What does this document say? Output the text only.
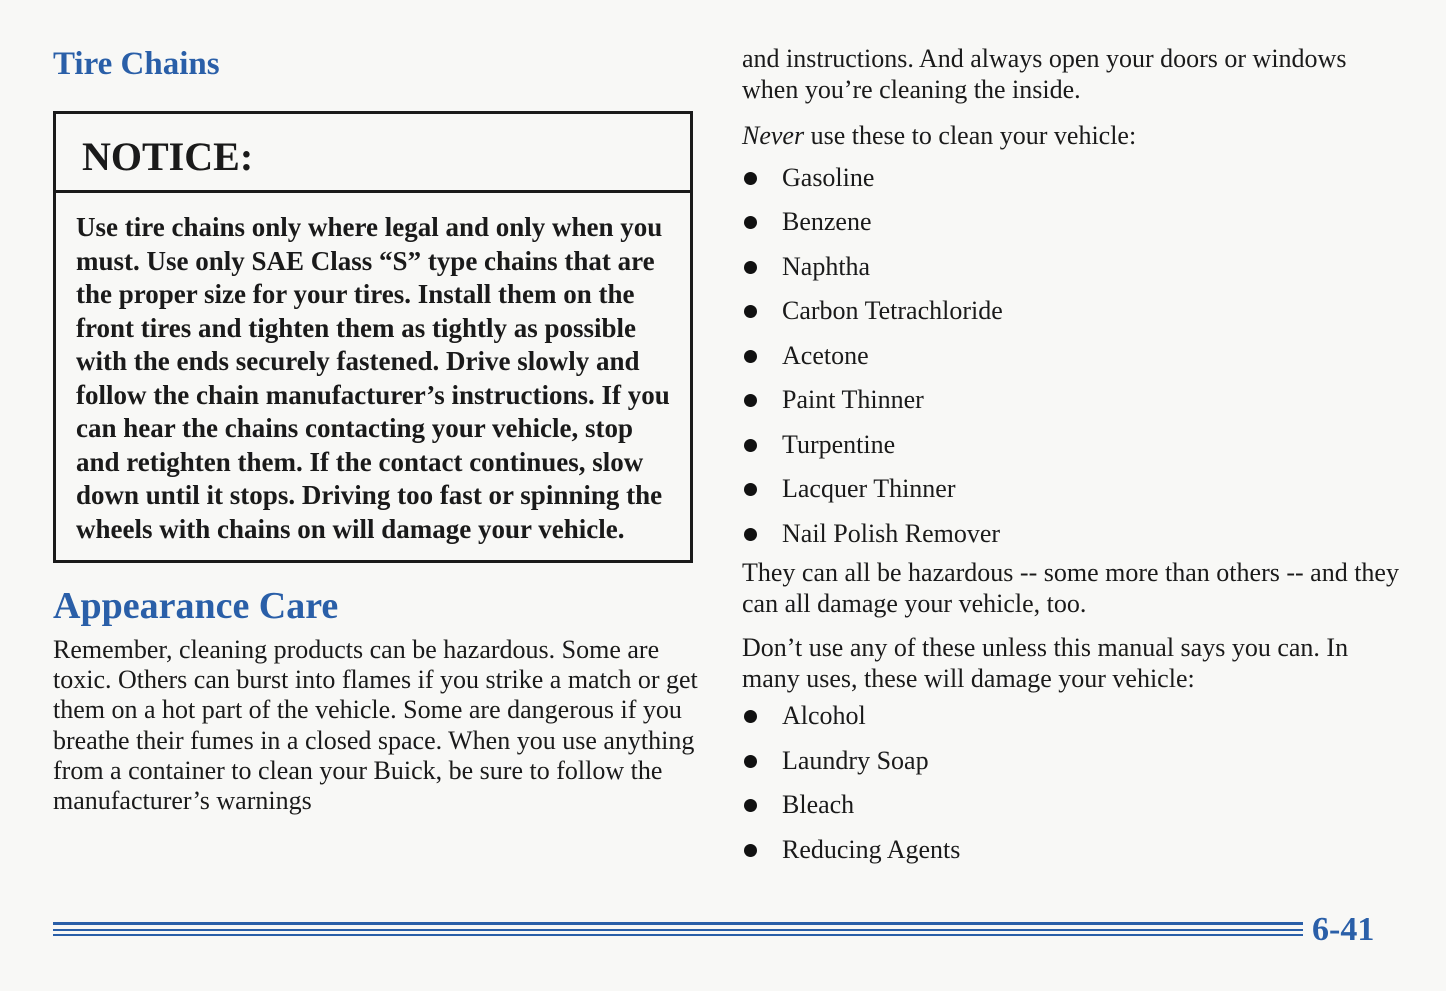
Tire Chains
NOTICE:
Use tire chains only where legal and only when you must. Use only SAE Class “S” type chains that are the proper size for your tires. Install them on the front tires and tighten them as tightly as possible with the ends securely fastened. Drive slowly and follow the chain manufacturer’s instructions. If you can hear the chains contacting your vehicle, stop and retighten them. If the contact continues, slow down until it stops. Driving too fast or spinning the wheels with chains on will damage your vehicle.
Appearance Care

Remember, cleaning products can be hazardous. Some are toxic. Others can burst into flames if you strike a match or get them on a hot part of the vehicle. Some are dangerous if you breathe their fumes in a closed space. When you use anything from a container to clean your Buick, be sure to follow the manufacturer’s warnings

and instructions. And always open your doors or windows when you’re cleaning the inside.

Never use these to clean your vehicle:

Gasoline
Benzene
Naphtha
Carbon Tetrachloride
Acetone
Paint Thinner
Turpentine
Lacquer Thinner
Nail Polish Remover

They can all be hazardous -- some more than others -- and they can all damage your vehicle, too.

Don’t use any of these unless this manual says you can. In many uses, these will damage your vehicle:

Alcohol
Laundry Soap
Bleach
Reducing Agents
6-41
